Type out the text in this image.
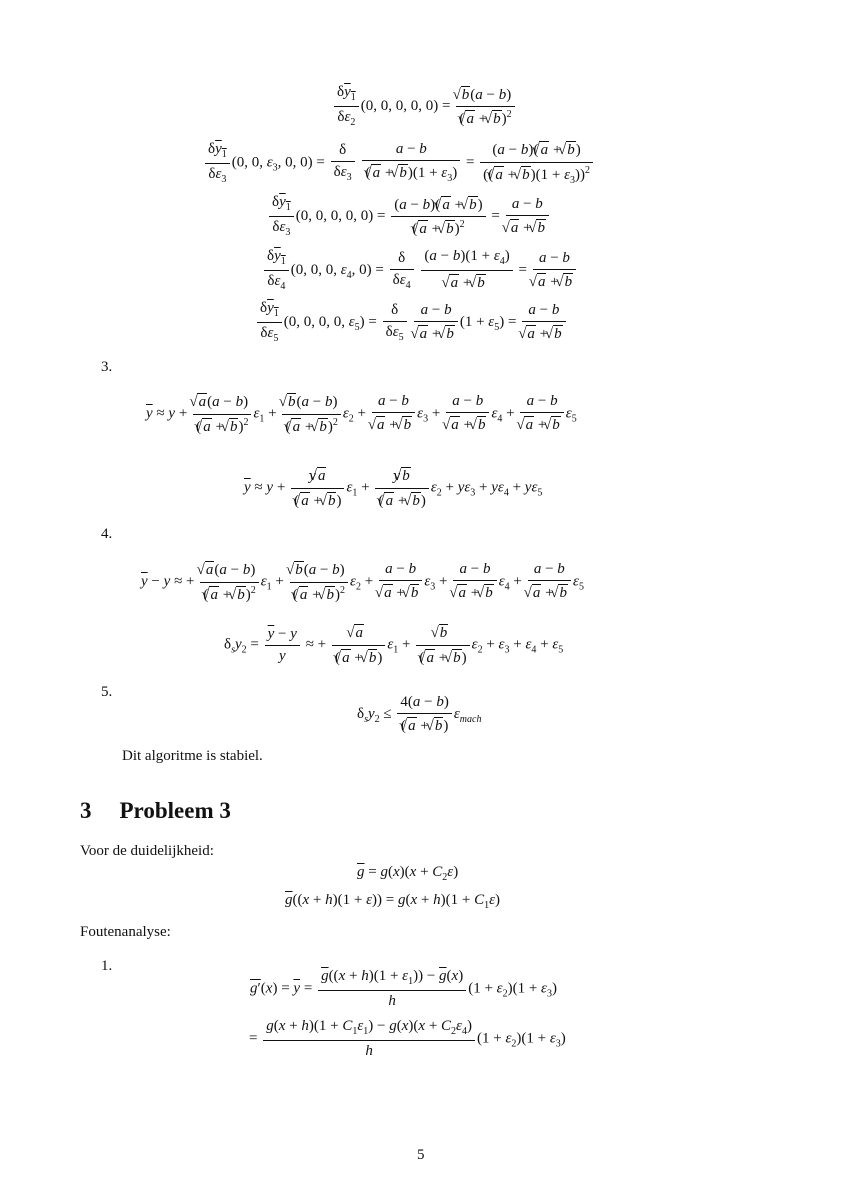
$\frac{\delta y_1}{\delta\varepsilon_2} (0$, 0, 0, 0, 0) = √ $\frac{b(a - b)}{( √ a + √ b)^2}$
$\frac{\delta y_1}{\delta\varepsilon_3} (0$, 0, $\varepsilon_3$, 0, $0) = \frac{\delta}{\delta\varepsilon_3}$
$\frac{a - b}{( √ a + √ b)(1 + \varepsilon_3)} = \frac{(a - b)( √ a + √ b)}{(( √ a + √ b)(1 + \varepsilon_3))^2}$
$\frac{\delta y_1}{\delta\varepsilon_3} (0$, 0, 0, 0, $0) = \frac{(a - b)( √ a + √ b)}{( √ a + √ b)^2} = a - b$
√ a + √ b
$\frac{\delta y_1}{\delta\varepsilon_4} (0$, 0, 0, $\varepsilon_4$, $0) = \frac{\delta}{\delta\varepsilon_4}$
$(a - b)(1 + \varepsilon_4)$
√ a + √ b = a − b
√ a + √ b
$\frac{\delta y_1}{\delta\varepsilon_5} (0$, 0, 0, 0, $\varepsilon_5) = \frac{\delta}{\delta\varepsilon_5}$
a − b
√ a + √ b $(1 + \varepsilon_5) = a - b$
√ a + √ b
3.
$\overline{y} \approx y$ + √ $\frac{a(a - b)}{( √ a + √ b)^2} \varepsilon_1$ + √ $\frac{b(a - b)}{( √ a + √ b)^2} \varepsilon_2 + a - b$
√ a + √ b $\varepsilon_3 + a - b$
√ a + √ b $\varepsilon_4 + a - b$
√ a + √ b $\varepsilon_5$
$\overline{y} \approx y + \frac{y √ a}{( √ a + √ b)} \varepsilon_1 + \frac{y √ b}{( √ a + √ b)} \varepsilon_2 + y\varepsilon_3 + y\varepsilon_4 + y\varepsilon_5$
4.
$\overline{y} - y$ ≈ + √ $\frac{a(a - b)}{( √ a + √ b)^2} \varepsilon_1$ + √ $\frac{b(a - b)}{( √ a + √ b)^2} \varepsilon_2 + a - b$
√ a + √ b $\varepsilon_3 + a - b$
√ a + √ b $\varepsilon_4 + a - b$
√ a + √ b $\varepsilon_5$
$\delta_sy_2 = \frac{\overline{y} - y}{y}$ ≈ + √ $\frac{a}{( √ a + √ b)} \varepsilon_1$ + √ $\frac{b}{( √ a + √ b)} \varepsilon_2 + \varepsilon_3 + \varepsilon_4 + \varepsilon_5$
5.
$\delta_sy_2 \le \frac{4(a - b)}{( √ a + √ b)} \varepsilon_{mach}$
Dit algoritme is stabiel.
3 Probleem 3
Voor de duidelijkheid:
$\overline{g} = g(x)(x + C_2\varepsilon)$
$\overline{g}((x + h)(1 + \varepsilon)) = g(x + h)(1 + C_1\varepsilon)$
Foutenanalyse:
1.
$g'(x) = \overline{y} = \frac{\overline{g}((x + h)(1 + \varepsilon_1)) - \overline{g}(x)}{h} (1 + \varepsilon_2)(1 + \varepsilon_3)$
= $\frac{g(x + h)(1 + C_1\varepsilon_1) - g(x)(x + C_2\varepsilon_4)}{h} (1 + \varepsilon_2)(1 + \varepsilon_3)$
5
